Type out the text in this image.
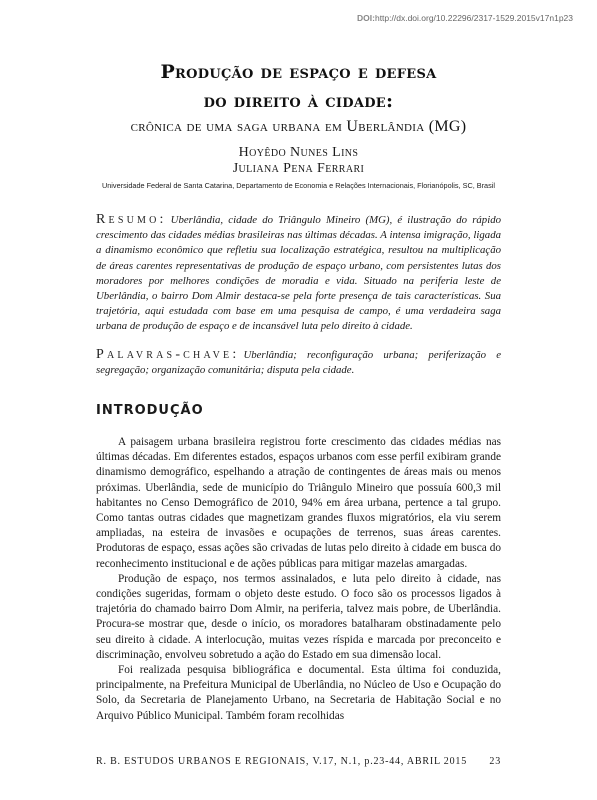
DOI:http://dx.doi.org/10.22296/2317-1529.2015v17n1p23
Produção de espaço e defesa
do direito à cidade:
crônica de uma saga urbana em Uberlândia (MG)
Hoyêdo Nunes Lins
Juliana Pena Ferrari
Universidade Federal de Santa Catarina, Departamento de Economia e Relações Internacionais, Florianópolis, SC, Brasil
Resumo: Uberlândia, cidade do Triângulo Mineiro (MG), é ilustração do rápido crescimento das cidades médias brasileiras nas últimas décadas. A intensa imigração, ligada a dinamismo econômico que refletiu sua localização estratégica, resultou na multiplicação de áreas carentes representativas de produção de espaço urbano, com persistentes lutas dos moradores por melhores condições de moradia e vida. Situado na periferia leste de Uberlândia, o bairro Dom Almir destaca-se pela forte presença de tais características. Sua trajetória, aqui estudada com base em uma pesquisa de campo, é uma verdadeira saga urbana de produção de espaço e de incansável luta pelo direito à cidade.
Palavras-chave: Uberlândia; reconfiguração urbana; periferização e segregação; organização comunitária; disputa pela cidade.
INTRODUÇÃO

A paisagem urbana brasileira registrou forte crescimento das cidades médias nas últimas décadas. Em diferentes estados, espaços urbanos com esse perfil exibiram grande dinamismo demográfico, espelhando a atração de contingentes de áreas mais ou menos próximas. Uberlândia, sede de município do Triângulo Mineiro que possuía 600,3 mil habitantes no Censo Demográfico de 2010, 94% em área urbana, pertence a tal grupo. Como tantas outras cidades que magnetizam grandes fluxos migratórios, ela viu serem ampliadas, na esteira de invasões e ocupações de terrenos, suas áreas carentes. Produtoras de espaço, essas ações são crivadas de lutas pelo direito à cidade em busca do reconhecimento institucional e de ações públicas para mitigar mazelas amargadas.

Produção de espaço, nos termos assinalados, e luta pelo direito à cidade, nas condições sugeridas, formam o objeto deste estudo. O foco são os processos ligados à trajetória do chamado bairro Dom Almir, na periferia, talvez mais pobre, de Uberlândia. Procura-se mostrar que, desde o início, os moradores batalharam obstinadamente pelo seu direito à cidade. A interlocução, muitas vezes ríspida e marcada por preconceito e discriminação, envolveu sobretudo a ação do Estado em sua dimensão local.

Foi realizada pesquisa bibliográfica e documental. Esta última foi conduzida, principalmente, na Prefeitura Municipal de Uberlândia, no Núcleo de Uso e Ocupação do Solo, da Secretaria de Planejamento Urbano, na Secretaria de Habitação Social e no Arquivo Público Municipal. Também foram recolhidas

R. B. ESTUDOS URBANOS E REGIONAIS, V.17, N.1, p.23-44, ABRIL 2015 23
